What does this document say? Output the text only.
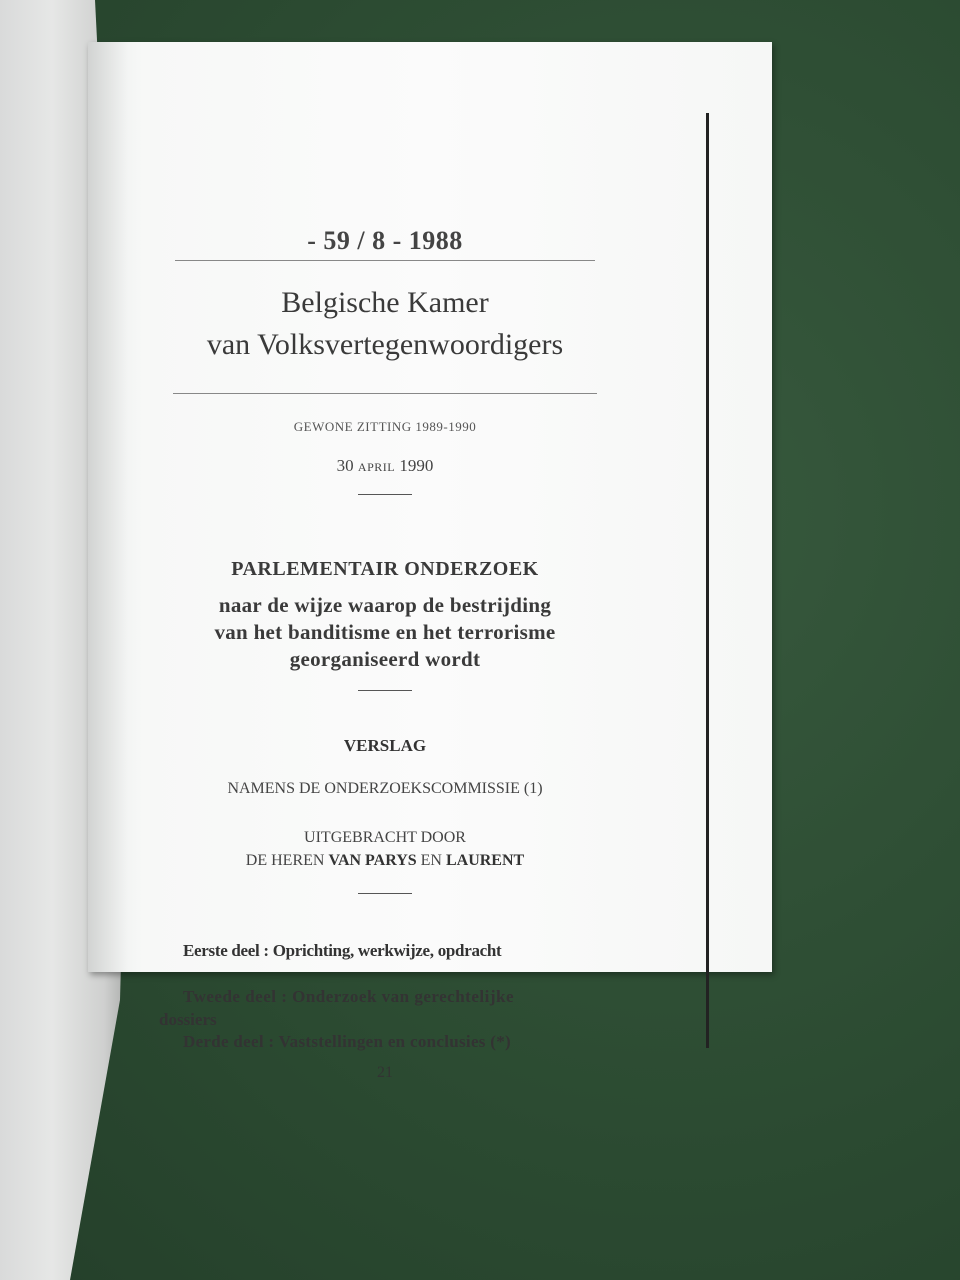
- 59 / 8 - 1988
Belgische Kamer
van Volksvertegenwoordigers
GEWONE ZITTING 1989-1990
30 APRIL 1990
PARLEMENTAIR ONDERZOEK
naar de wijze waarop de bestrijding
van het banditisme en het terrorisme
georganiseerd wordt
VERSLAG
NAMENS DE ONDERZOEKSCOMMISSIE (1)
UITGEBRACHT DOOR
DE HEREN VAN PARYS EN LAURENT
Eerste deel : Oprichting, werkwijze, opdracht
Tweede deel : Onderzoek van gerechtelijke
dossiers
Derde deel : Vaststellingen en conclusies (*)
21
